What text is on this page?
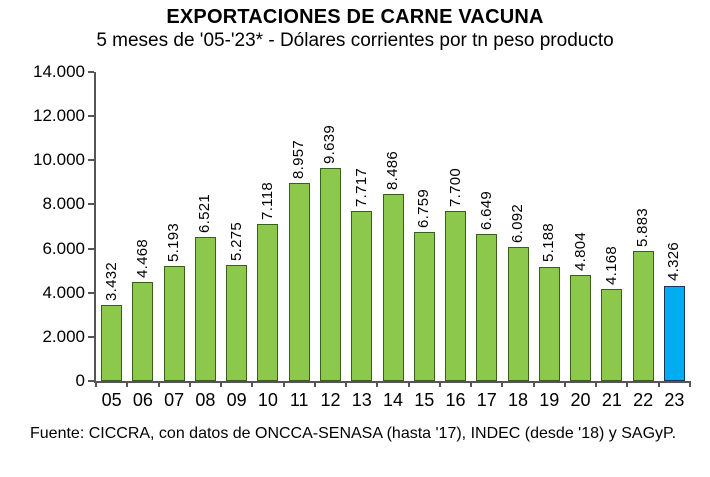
EXPORTACIONES DE CARNE VACUNA
5 meses de '05-'23* - Dólares corrientes por tn peso producto
0
2.000
4.000
6.000
8.000
10.000
12.000
14.000
3.432
05
4.468
06
5.193
07
6.521
08
5.275
09
7.118
10
8.957
11
9.639
12
7.717
13
8.486
14
6.759
15
7.700
16
6.649
17
6.092
18
5.188
19
4.804
20
4.168
21
5.883
22
4.326
23
Fuente: CICCRA, con datos de ONCCA-SENASA (hasta '17), INDEC (desde '18) y SAGyP.
